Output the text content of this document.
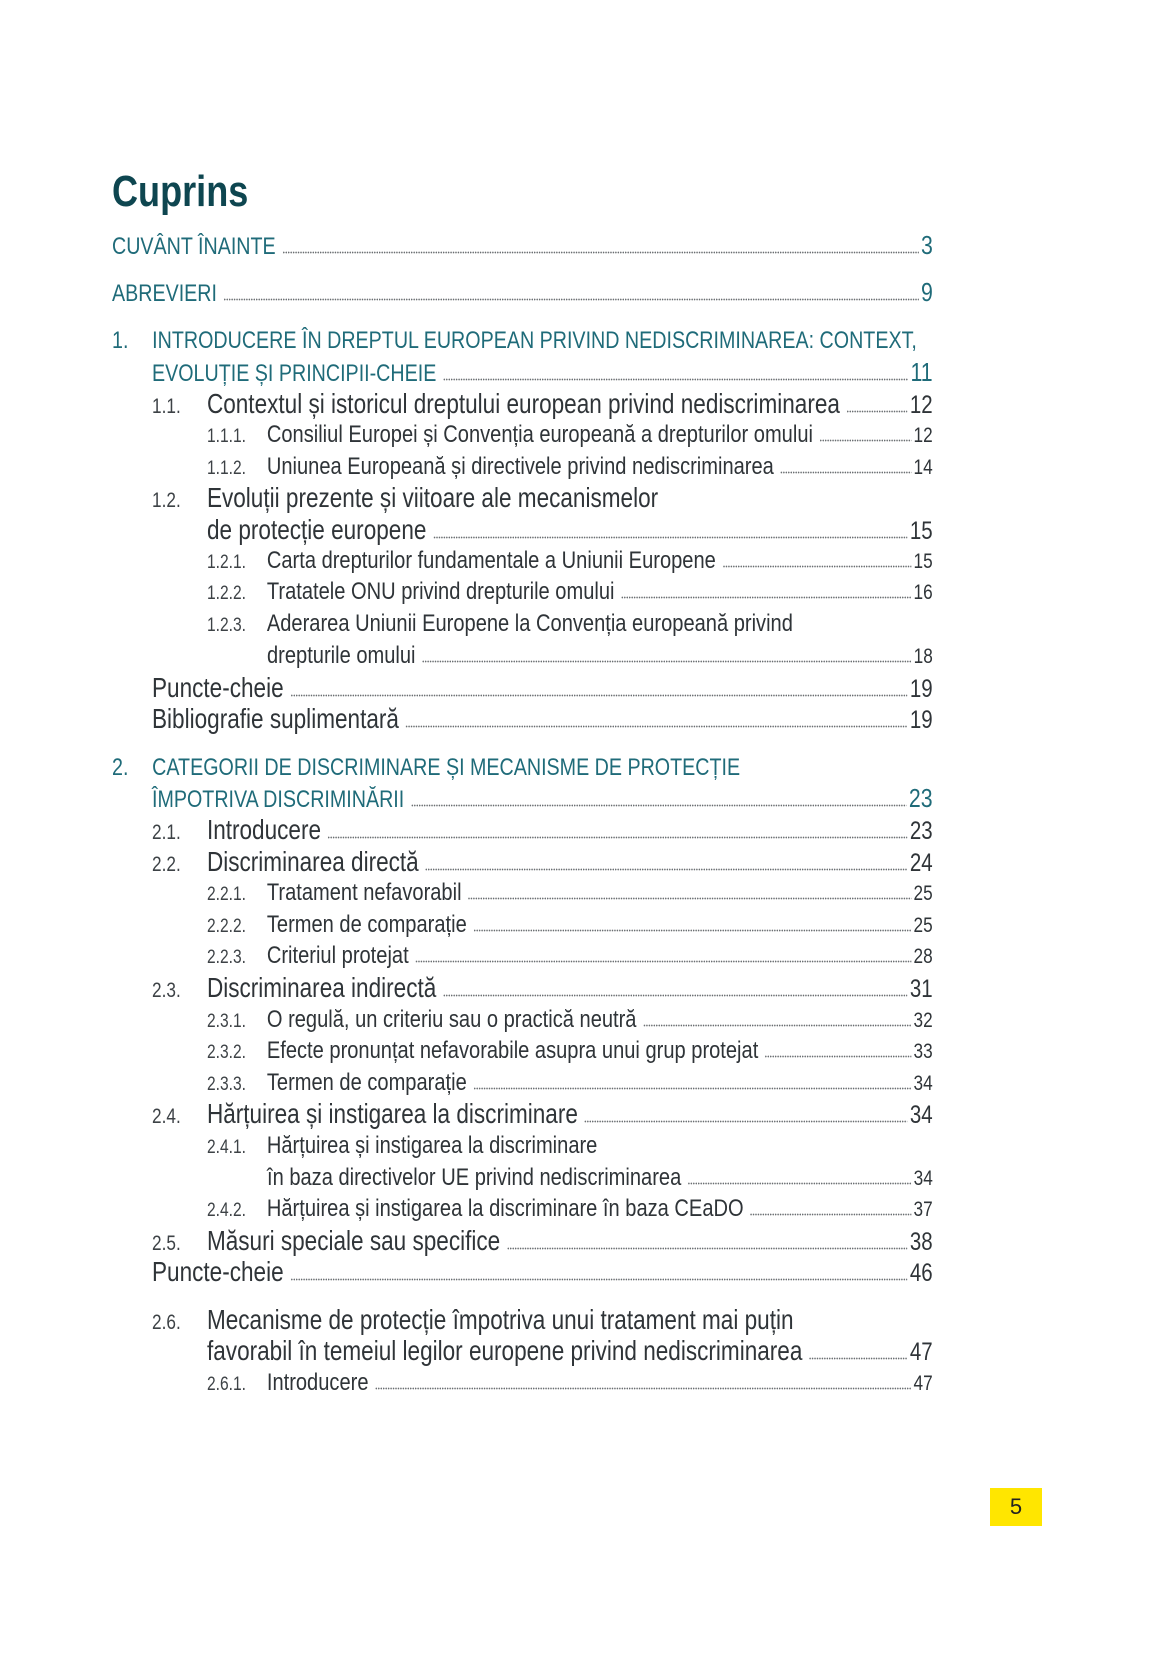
Cuprins
CUVÂNT ÎNAINTE	3
ABREVIERI	9
1. INTRODUCERE ÎN DREPTUL EUROPEAN PRIVIND NEDISCRIMINAREA: CONTEXT,
EVOLUȚIE ȘI PRINCIPII-CHEIE	11
1.1. Contextul și istoricul dreptului european privind nediscriminarea	12
1.1.1. Consiliul Europei și Convenția europeană a drepturilor omului	12
1.1.2. Uniunea Europeană și directivele privind nediscriminarea	14
1.2. Evoluții prezente și viitoare ale mecanismelor
de protecție europene	15
1.2.1. Carta drepturilor fundamentale a Uniunii Europene	15
1.2.2. Tratatele ONU privind drepturile omului	16
1.2.3. Aderarea Uniunii Europene la Convenția europeană privind
drepturile omului	18
Puncte-cheie	19
Bibliografie suplimentară	19
2. CATEGORII DE DISCRIMINARE ȘI MECANISME DE PROTECȚIE
ÎMPOTRIVA DISCRIMINĂRII	23
2.1. Introducere	23
2.2. Discriminarea directă	24
2.2.1. Tratament nefavorabil	25
2.2.2. Termen de comparație	25
2.2.3. Criteriul protejat	28
2.3. Discriminarea indirectă	31
2.3.1. O regulă, un criteriu sau o practică neutră	32
2.3.2. Efecte pronunțat nefavorabile asupra unui grup protejat	33
2.3.3. Termen de comparație	34
2.4. Hărțuirea și instigarea la discriminare	34
2.4.1. Hărțuirea și instigarea la discriminare
în baza directivelor UE privind nediscriminarea	34
2.4.2. Hărțuirea și instigarea la discriminare în baza CEaDO	37
2.5. Măsuri speciale sau specifice	38
Puncte-cheie	46
2.6. Mecanisme de protecție împotriva unui tratament mai puțin
favorabil în temeiul legilor europene privind nediscriminarea	47
2.6.1. Introducere	47
5
